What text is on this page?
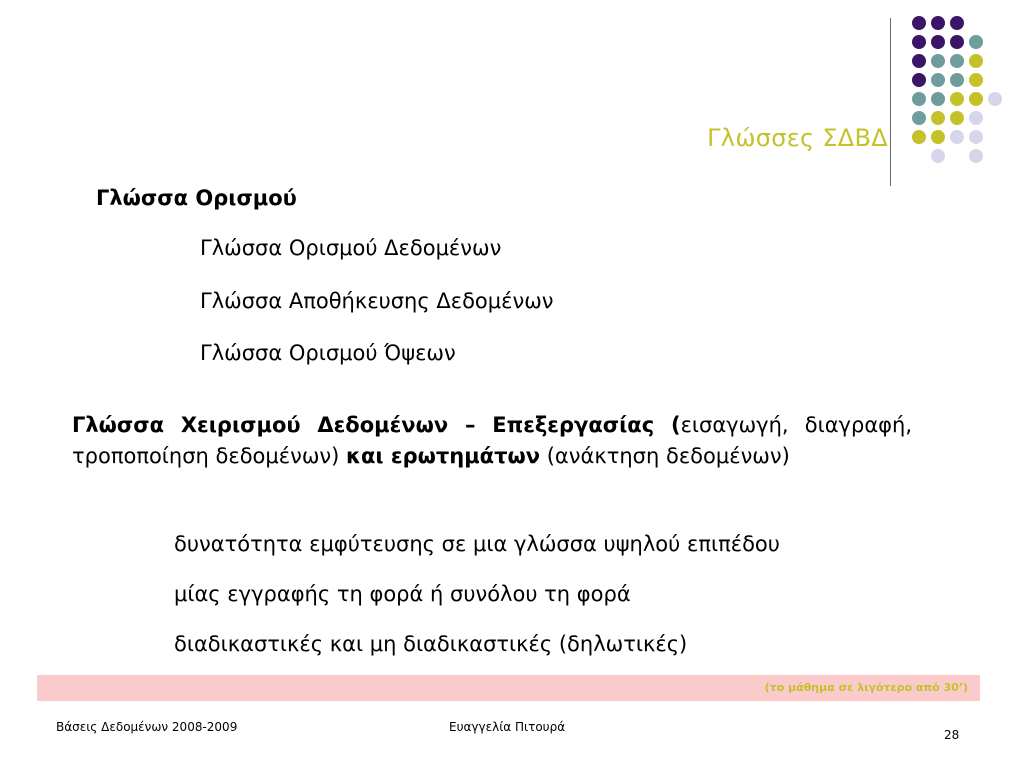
Γλώσσες ΣΔΒΔ
Γλώσσα Ορισμού
Γλώσσα Ορισμού Δεδομένων
Γλώσσα Αποθήκευσης Δεδομένων
Γλώσσα Ορισμού Όψεων
Γλώσσα Χειρισμού Δεδομένων – Επεξεργασίας (εισαγωγή, διαγραφή, τροποποίηση δεδομένων) και ερωτημάτων (ανάκτηση δεδομένων)
δυνατότητα εμφύτευσης σε μια γλώσσα υψηλού επιπέδου
μίας εγγραφής τη φορά ή συνόλου τη φορά
διαδικαστικές και μη διαδικαστικές (δηλωτικές)
(το μάθημα σε λιγότερο από 30’)
Βάσεις Δεδομένων 2008-2009	Ευαγγελία Πιτουρά
28
